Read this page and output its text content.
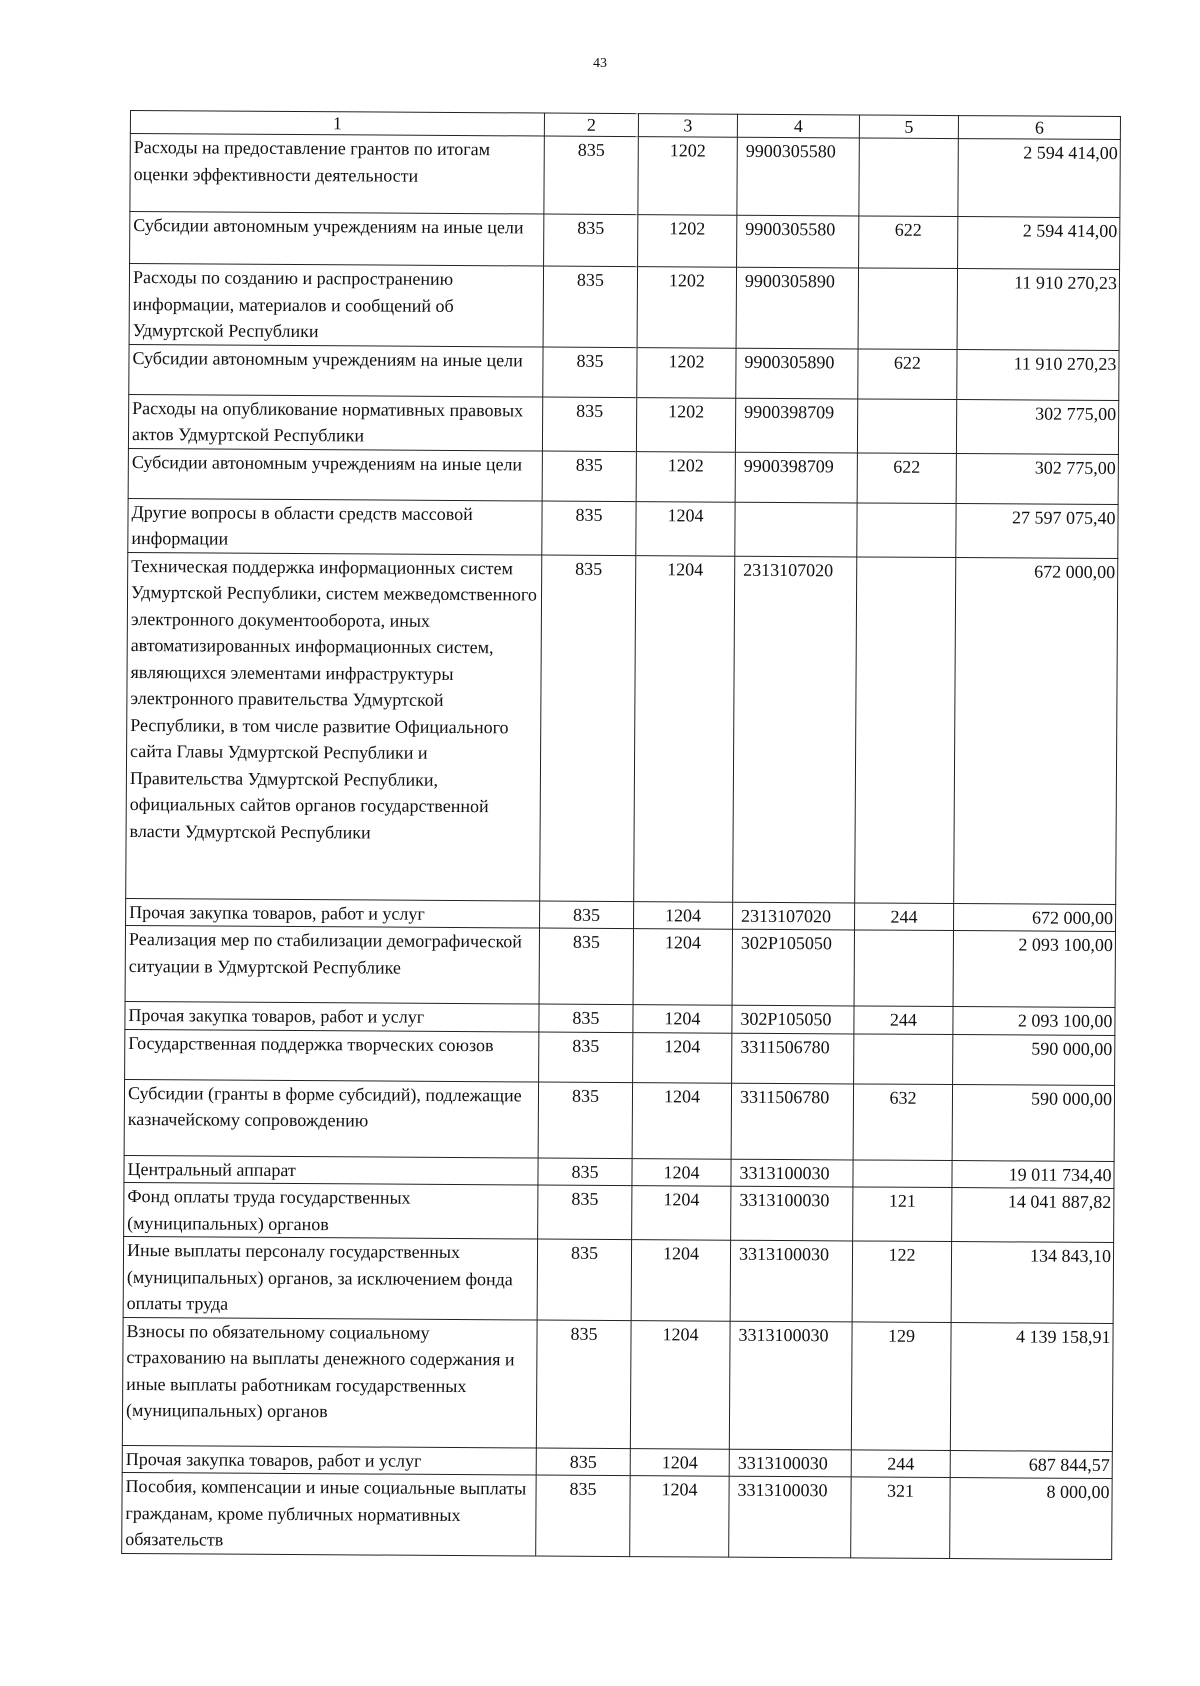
43
1	2	3	4	5	6
Расходы на предоставление грантов по итогам оценки эффективности деятельности	835	1202	9900305580		2 594 414,00
Субсидии автономным учреждениям на иные цели	835	1202	9900305580	622	2 594 414,00
Расходы по созданию и распространению информации, материалов и сообщений об Удмуртской Республики	835	1202	9900305890		11 910 270,23
Субсидии автономным учреждениям на иные цели	835	1202	9900305890	622	11 910 270,23
Расходы на опубликование нормативных правовых актов Удмуртской Республики	835	1202	9900398709		302 775,00
Субсидии автономным учреждениям на иные цели	835	1202	9900398709	622	302 775,00
Другие вопросы в области средств массовой информации	835	1204			27 597 075,40
Техническая поддержка информационных систем Удмуртской Республики, систем межведомственного электронного документооборота, иных автоматизированных информационных систем, являющихся элементами инфраструктуры электронного правительства Удмуртской Республики, в том числе развитие Официального сайта Главы Удмуртской Республики и Правительства Удмуртской Республики, официальных сайтов органов государственной власти Удмуртской Республики	835	1204	2313107020		672 000,00
Прочая закупка товаров, работ и услуг	835	1204	2313107020	244	672 000,00
Реализация мер по стабилизации демографической ситуации в Удмуртской Республике	835	1204	302P105050		2 093 100,00
Прочая закупка товаров, работ и услуг	835	1204	302P105050	244	2 093 100,00
Государственная поддержка творческих союзов	835	1204	3311506780		590 000,00
Субсидии (гранты в форме субсидий), подлежащие казначейскому сопровождению	835	1204	3311506780	632	590 000,00
Центральный аппарат	835	1204	3313100030		19 011 734,40
Фонд оплаты труда государственных (муниципальных) органов	835	1204	3313100030	121	14 041 887,82
Иные выплаты персоналу государственных (муниципальных) органов, за исключением фонда оплаты труда	835	1204	3313100030	122	134 843,10
Взносы по обязательному социальному страхованию на выплаты денежного содержания и иные выплаты работникам государственных (муниципальных) органов	835	1204	3313100030	129	4 139 158,91
Прочая закупка товаров, работ и услуг	835	1204	3313100030	244	687 844,57
Пособия, компенсации и иные социальные выплаты гражданам, кроме публичных нормативных обязательств	835	1204	3313100030	321	8 000,00
